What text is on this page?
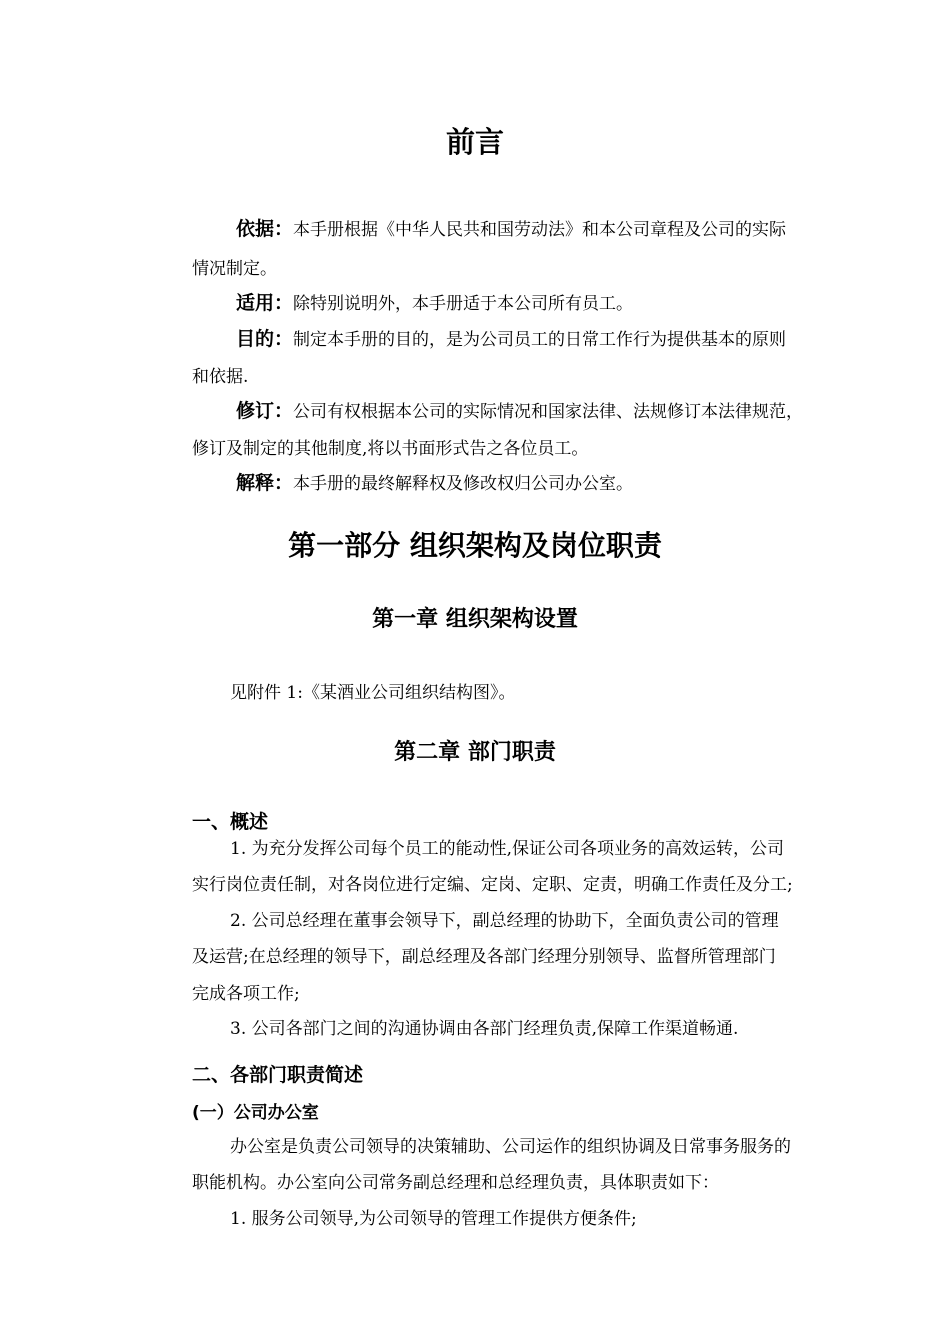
前言
依据：本手册根据《中华人民共和国劳动法》和本公司章程及公司的实际
情况制定。
适用：除特别说明外，本手册适于本公司所有员工。
目的：制定本手册的目的，是为公司员工的日常工作行为提供基本的原则
和依据.
修订：公司有权根据本公司的实际情况和国家法律、法规修订本法律规范，
修订及制定的其他制度,将以书面形式告之各位员工。
解释：本手册的最终解释权及修改权归公司办公室。
第一部分 组织架构及岗位职责
第一章 组织架构设置
见附件 1:《某酒业公司组织结构图》。
第二章 部门职责
一、概述
1. 为充分发挥公司每个员工的能动性,保证公司各项业务的高效运转，公司
实行岗位责任制，对各岗位进行定编、定岗、定职、定责，明确工作责任及分工;
2. 公司总经理在董事会领导下，副总经理的协助下，全面负责公司的管理
及运营;在总经理的领导下，副总经理及各部门经理分别领导、监督所管理部门
完成各项工作;
3. 公司各部门之间的沟通协调由各部门经理负责,保障工作渠道畅通.
二、各部门职责简述
(一）公司办公室
办公室是负责公司领导的决策辅助、公司运作的组织协调及日常事务服务的
职能机构。办公室向公司常务副总经理和总经理负责，具体职责如下：
1. 服务公司领导,为公司领导的管理工作提供方便条件;
